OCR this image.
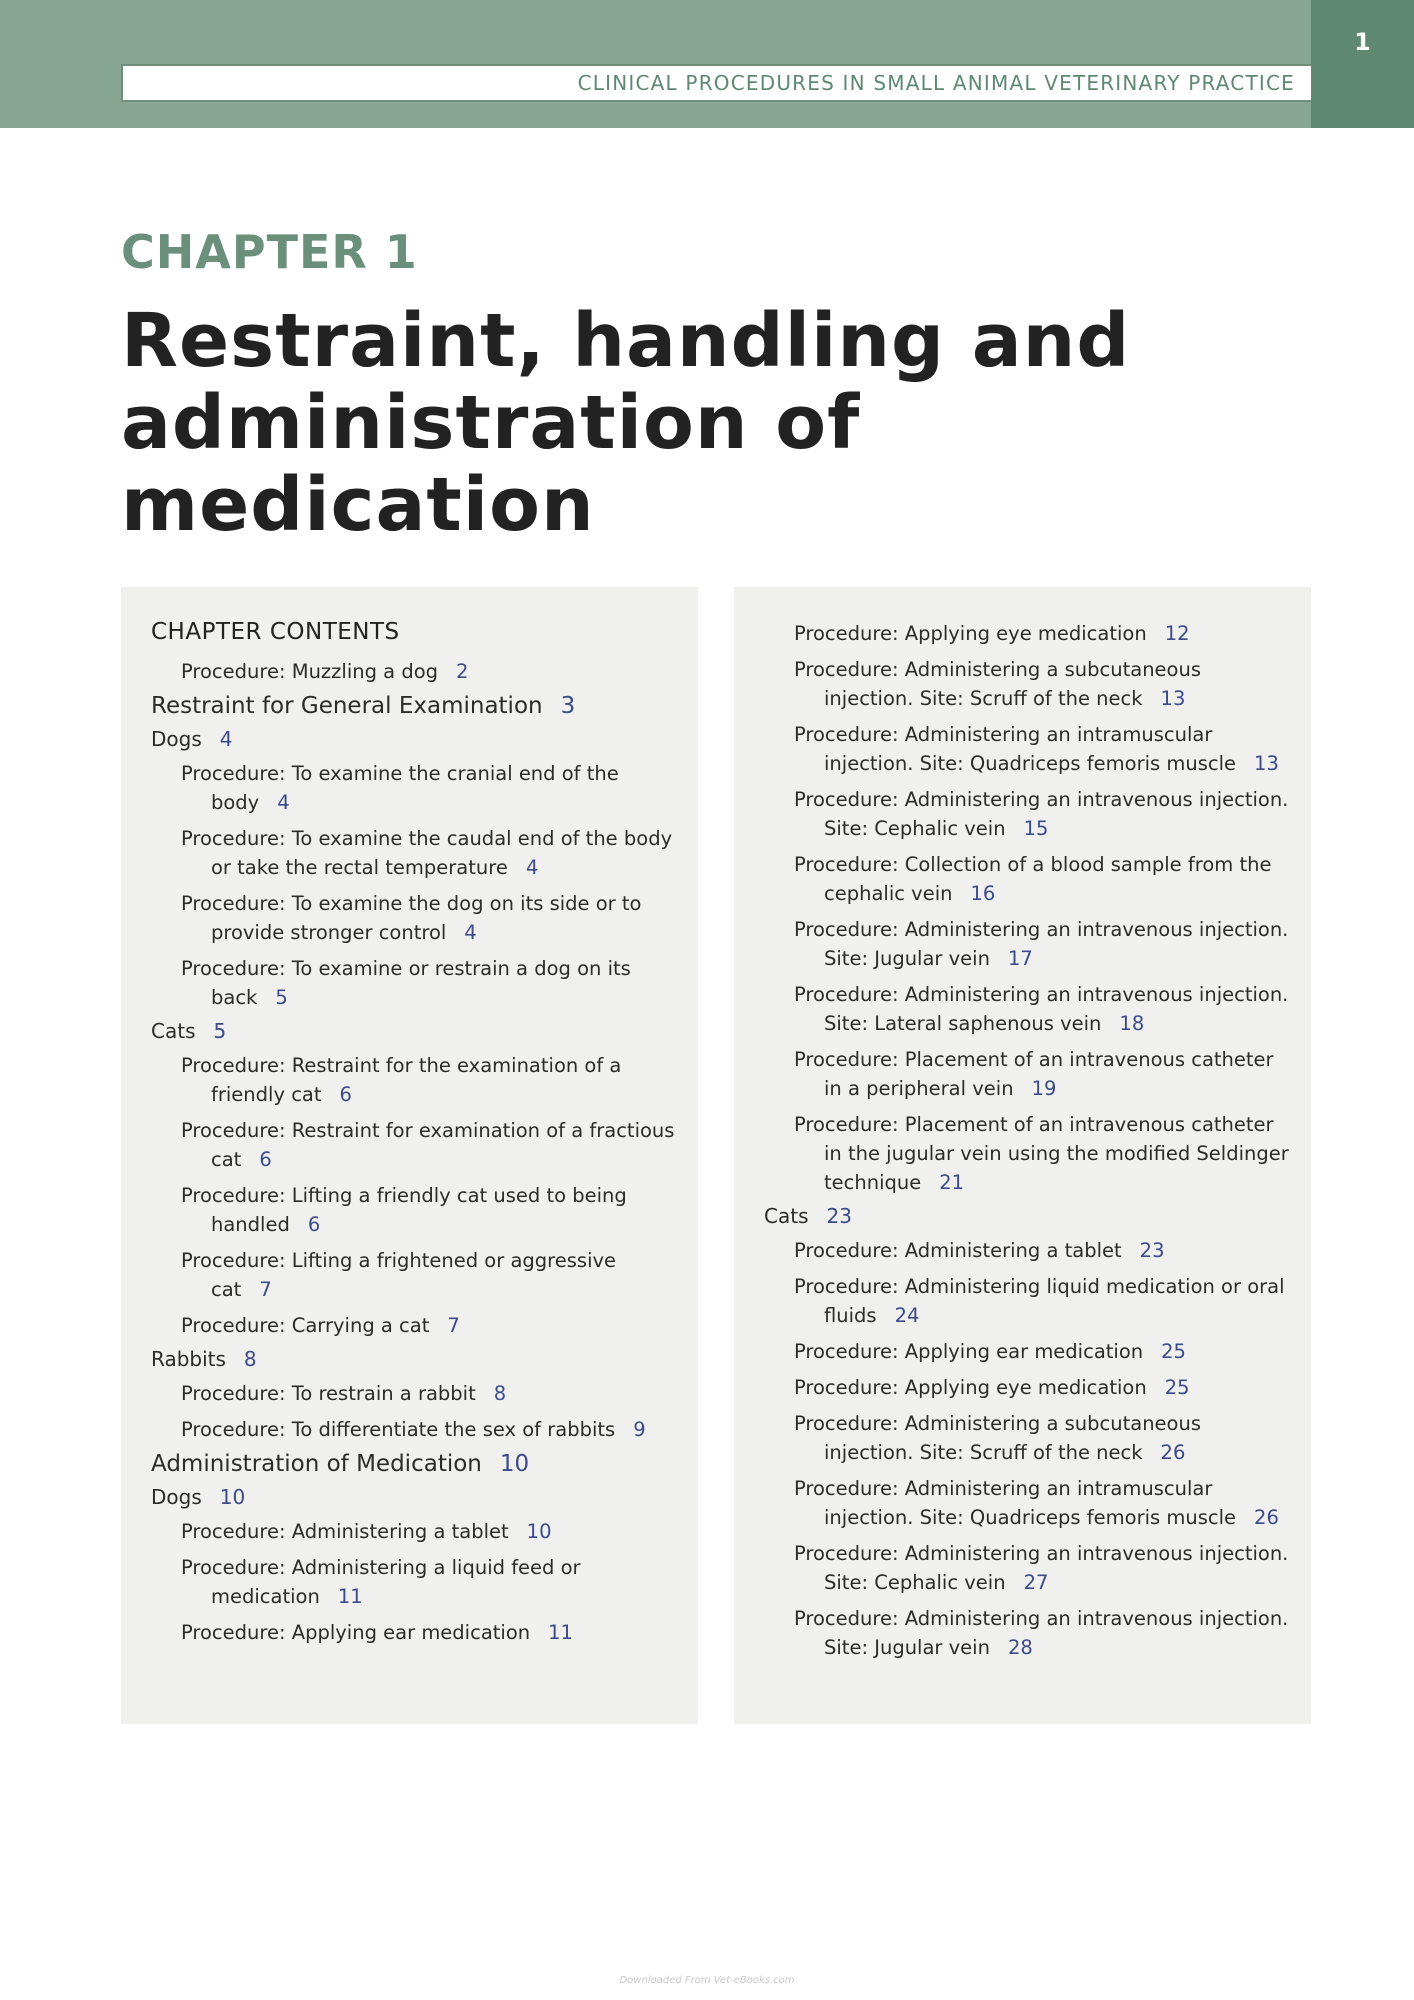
CLINICAL PROCEDURES IN SMALL ANIMAL VETERINARY PRACTICE
1
CHAPTER 1
Restraint, handling and administration of medication
CHAPTER CONTENTS
Procedure: Muzzling a dog 2
Restraint for General Examination 3
Dogs 4
Procedure: To examine the cranial end of the body 4
Procedure: To examine the caudal end of the body or take the rectal temperature 4
Procedure: To examine the dog on its side or to provide stronger control 4
Procedure: To examine or restrain a dog on its back 5
Cats 5
Procedure: Restraint for the examination of a friendly cat 6
Procedure: Restraint for examination of a fractious cat 6
Procedure: Lifting a friendly cat used to being handled 6
Procedure: Lifting a frightened or aggressive cat 7
Procedure: Carrying a cat 7
Rabbits 8
Procedure: To restrain a rabbit 8
Procedure: To differentiate the sex of rabbits 9
Administration of Medication 10
Dogs 10
Procedure: Administering a tablet 10
Procedure: Administering a liquid feed or medication 11
Procedure: Applying ear medication 11
Procedure: Applying eye medication 12
Procedure: Administering a subcutaneous injection. Site: Scruff of the neck 13
Procedure: Administering an intramuscular injection. Site: Quadriceps femoris muscle 13
Procedure: Administering an intravenous injection. Site: Cephalic vein 15
Procedure: Collection of a blood sample from the cephalic vein 16
Procedure: Administering an intravenous injection. Site: Jugular vein 17
Procedure: Administering an intravenous injection. Site: Lateral saphenous vein 18
Procedure: Placement of an intravenous catheter in a peripheral vein 19
Procedure: Placement of an intravenous catheter in the jugular vein using the modified Seldinger technique 21
Cats 23
Procedure: Administering a tablet 23
Procedure: Administering liquid medication or oral fluids 24
Procedure: Applying ear medication 25
Procedure: Applying eye medication 25
Procedure: Administering a subcutaneous injection. Site: Scruff of the neck 26
Procedure: Administering an intramuscular injection. Site: Quadriceps femoris muscle 26
Procedure: Administering an intravenous injection. Site: Cephalic vein 27
Procedure: Administering an intravenous injection. Site: Jugular vein 28
Downloaded From Vet-eBooks.com
